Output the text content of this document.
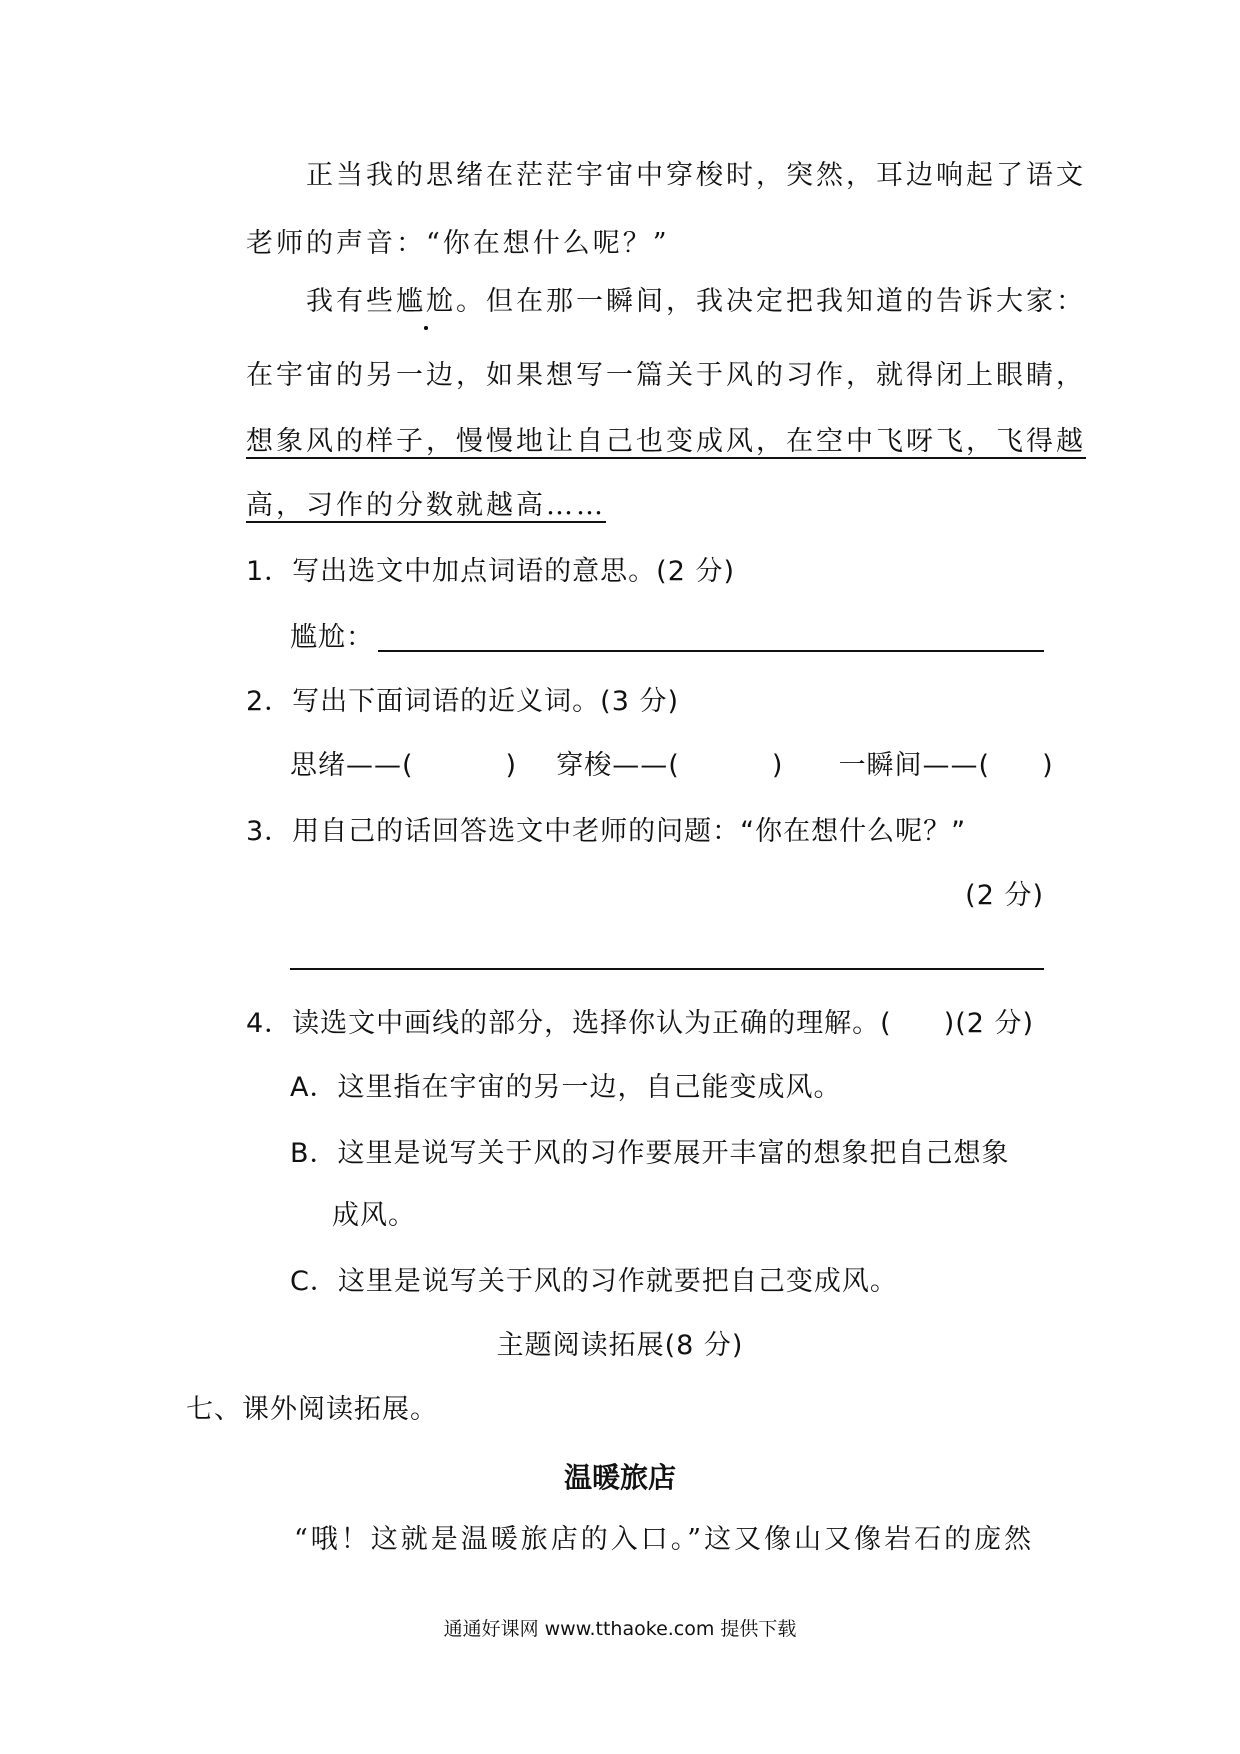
正当我的思绪在茫茫宇宙中穿梭时，突然，耳边响起了语文
老师的声音：“你在想什么呢？”
我有些尴尬。但在那一瞬间，我决定把我知道的告诉大家：
在宇宙的另一边，如果想写一篇关于风的习作，就得闭上眼睛，
想象风的样子，慢慢地让自己也变成风，在空中飞呀飞，飞得越
高，习作的分数就越高……
1．写出选文中加点词语的意思。(2 分)
尴尬：
2．写出下面词语的近义词。(3 分)
思绪——(	) 穿梭——(	) 一瞬间——( )
3．用自己的话回答选文中老师的问题：“你在想什么呢？”
(2 分)
4．读选文中画线的部分，选择你认为正确的理解。( )(2 分)
A．这里指在宇宙的另一边，自己能变成风。
B．这里是说写关于风的习作要展开丰富的想象把自己想象
成风。
C．这里是说写关于风的习作就要把自己变成风。
主题阅读拓展(8 分)
七、课外阅读拓展。
温暖旅店
“哦！这就是温暖旅店的入口。”这又像山又像岩石的庞然
通通好课网 www.tthaoke.com 提供下载
